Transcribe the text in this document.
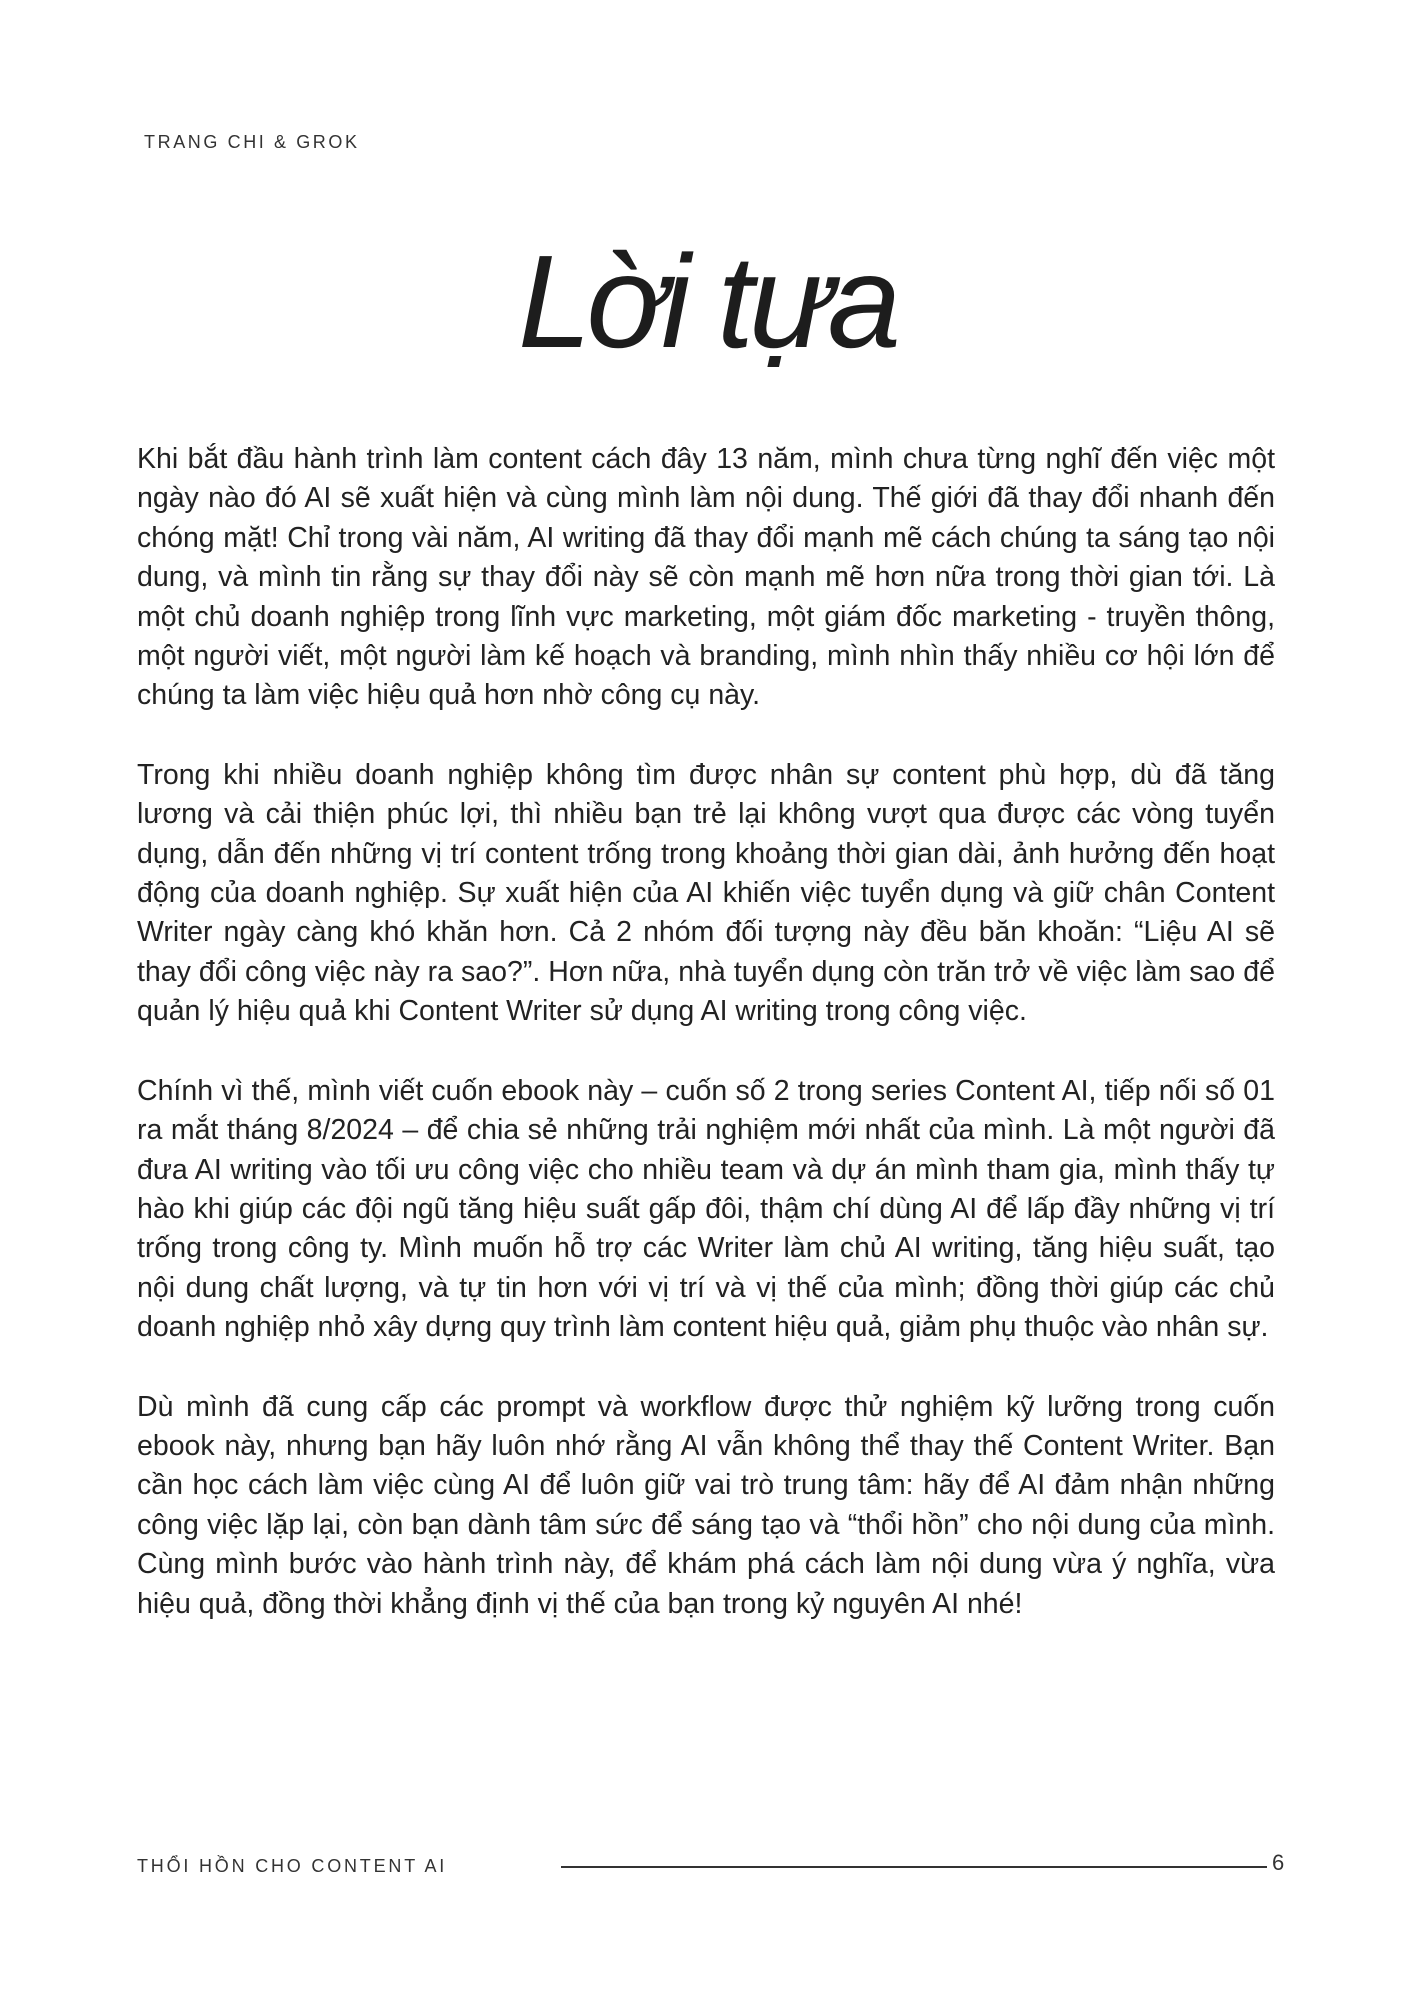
TRANG CHI & GROK
Lời tựa

Khi bắt đầu hành trình làm content cách đây 13 năm, mình chưa từng nghĩ đến việc một ngày nào đó AI sẽ xuất hiện và cùng mình làm nội dung. Thế giới đã thay đổi nhanh đến chóng mặt! Chỉ trong vài năm, AI writing đã thay đổi mạnh mẽ cách chúng ta sáng tạo nội dung, và mình tin rằng sự thay đổi này sẽ còn mạnh mẽ hơn nữa trong thời gian tới. Là một chủ doanh nghiệp trong lĩnh vực marketing, một giám đốc marketing - truyền thông, một người viết, một người làm kế hoạch và branding, mình nhìn thấy nhiều cơ hội lớn để chúng ta làm việc hiệu quả hơn nhờ công cụ này.

Trong khi nhiều doanh nghiệp không tìm được nhân sự content phù hợp, dù đã tăng lương và cải thiện phúc lợi, thì nhiều bạn trẻ lại không vượt qua được các vòng tuyển dụng, dẫn đến những vị trí content trống trong khoảng thời gian dài, ảnh hưởng đến hoạt động của doanh nghiệp. Sự xuất hiện của AI khiến việc tuyển dụng và giữ chân Content Writer ngày càng khó khăn hơn. Cả 2 nhóm đối tượng này đều băn khoăn: “Liệu AI sẽ thay đổi công việc này ra sao?”. Hơn nữa, nhà tuyển dụng còn trăn trở về việc làm sao để quản lý hiệu quả khi Content Writer sử dụng AI writing trong công việc.

Chính vì thế, mình viết cuốn ebook này – cuốn số 2 trong series Content AI, tiếp nối số 01 ra mắt tháng 8/2024 – để chia sẻ những trải nghiệm mới nhất của mình. Là một người đã đưa AI writing vào tối ưu công việc cho nhiều team và dự án mình tham gia, mình thấy tự hào khi giúp các đội ngũ tăng hiệu suất gấp đôi, thậm chí dùng AI để lấp đầy những vị trí trống trong công ty. Mình muốn hỗ trợ các Writer làm chủ AI writing, tăng hiệu suất, tạo nội dung chất lượng, và tự tin hơn với vị trí và vị thế của mình; đồng thời giúp các chủ doanh nghiệp nhỏ xây dựng quy trình làm content hiệu quả, giảm phụ thuộc vào nhân sự.

Dù mình đã cung cấp các prompt và workflow được thử nghiệm kỹ lưỡng trong cuốn ebook này, nhưng bạn hãy luôn nhớ rằng AI vẫn không thể thay thế Content Writer. Bạn cần học cách làm việc cùng AI để luôn giữ vai trò trung tâm: hãy để AI đảm nhận những công việc lặp lại, còn bạn dành tâm sức để sáng tạo và “thổi hồn” cho nội dung của mình. Cùng mình bước vào hành trình này, để khám phá cách làm nội dung vừa ý nghĩa, vừa hiệu quả, đồng thời khẳng định vị thế của bạn trong kỷ nguyên AI nhé!

THỔI HỒN CHO CONTENT AI	6
